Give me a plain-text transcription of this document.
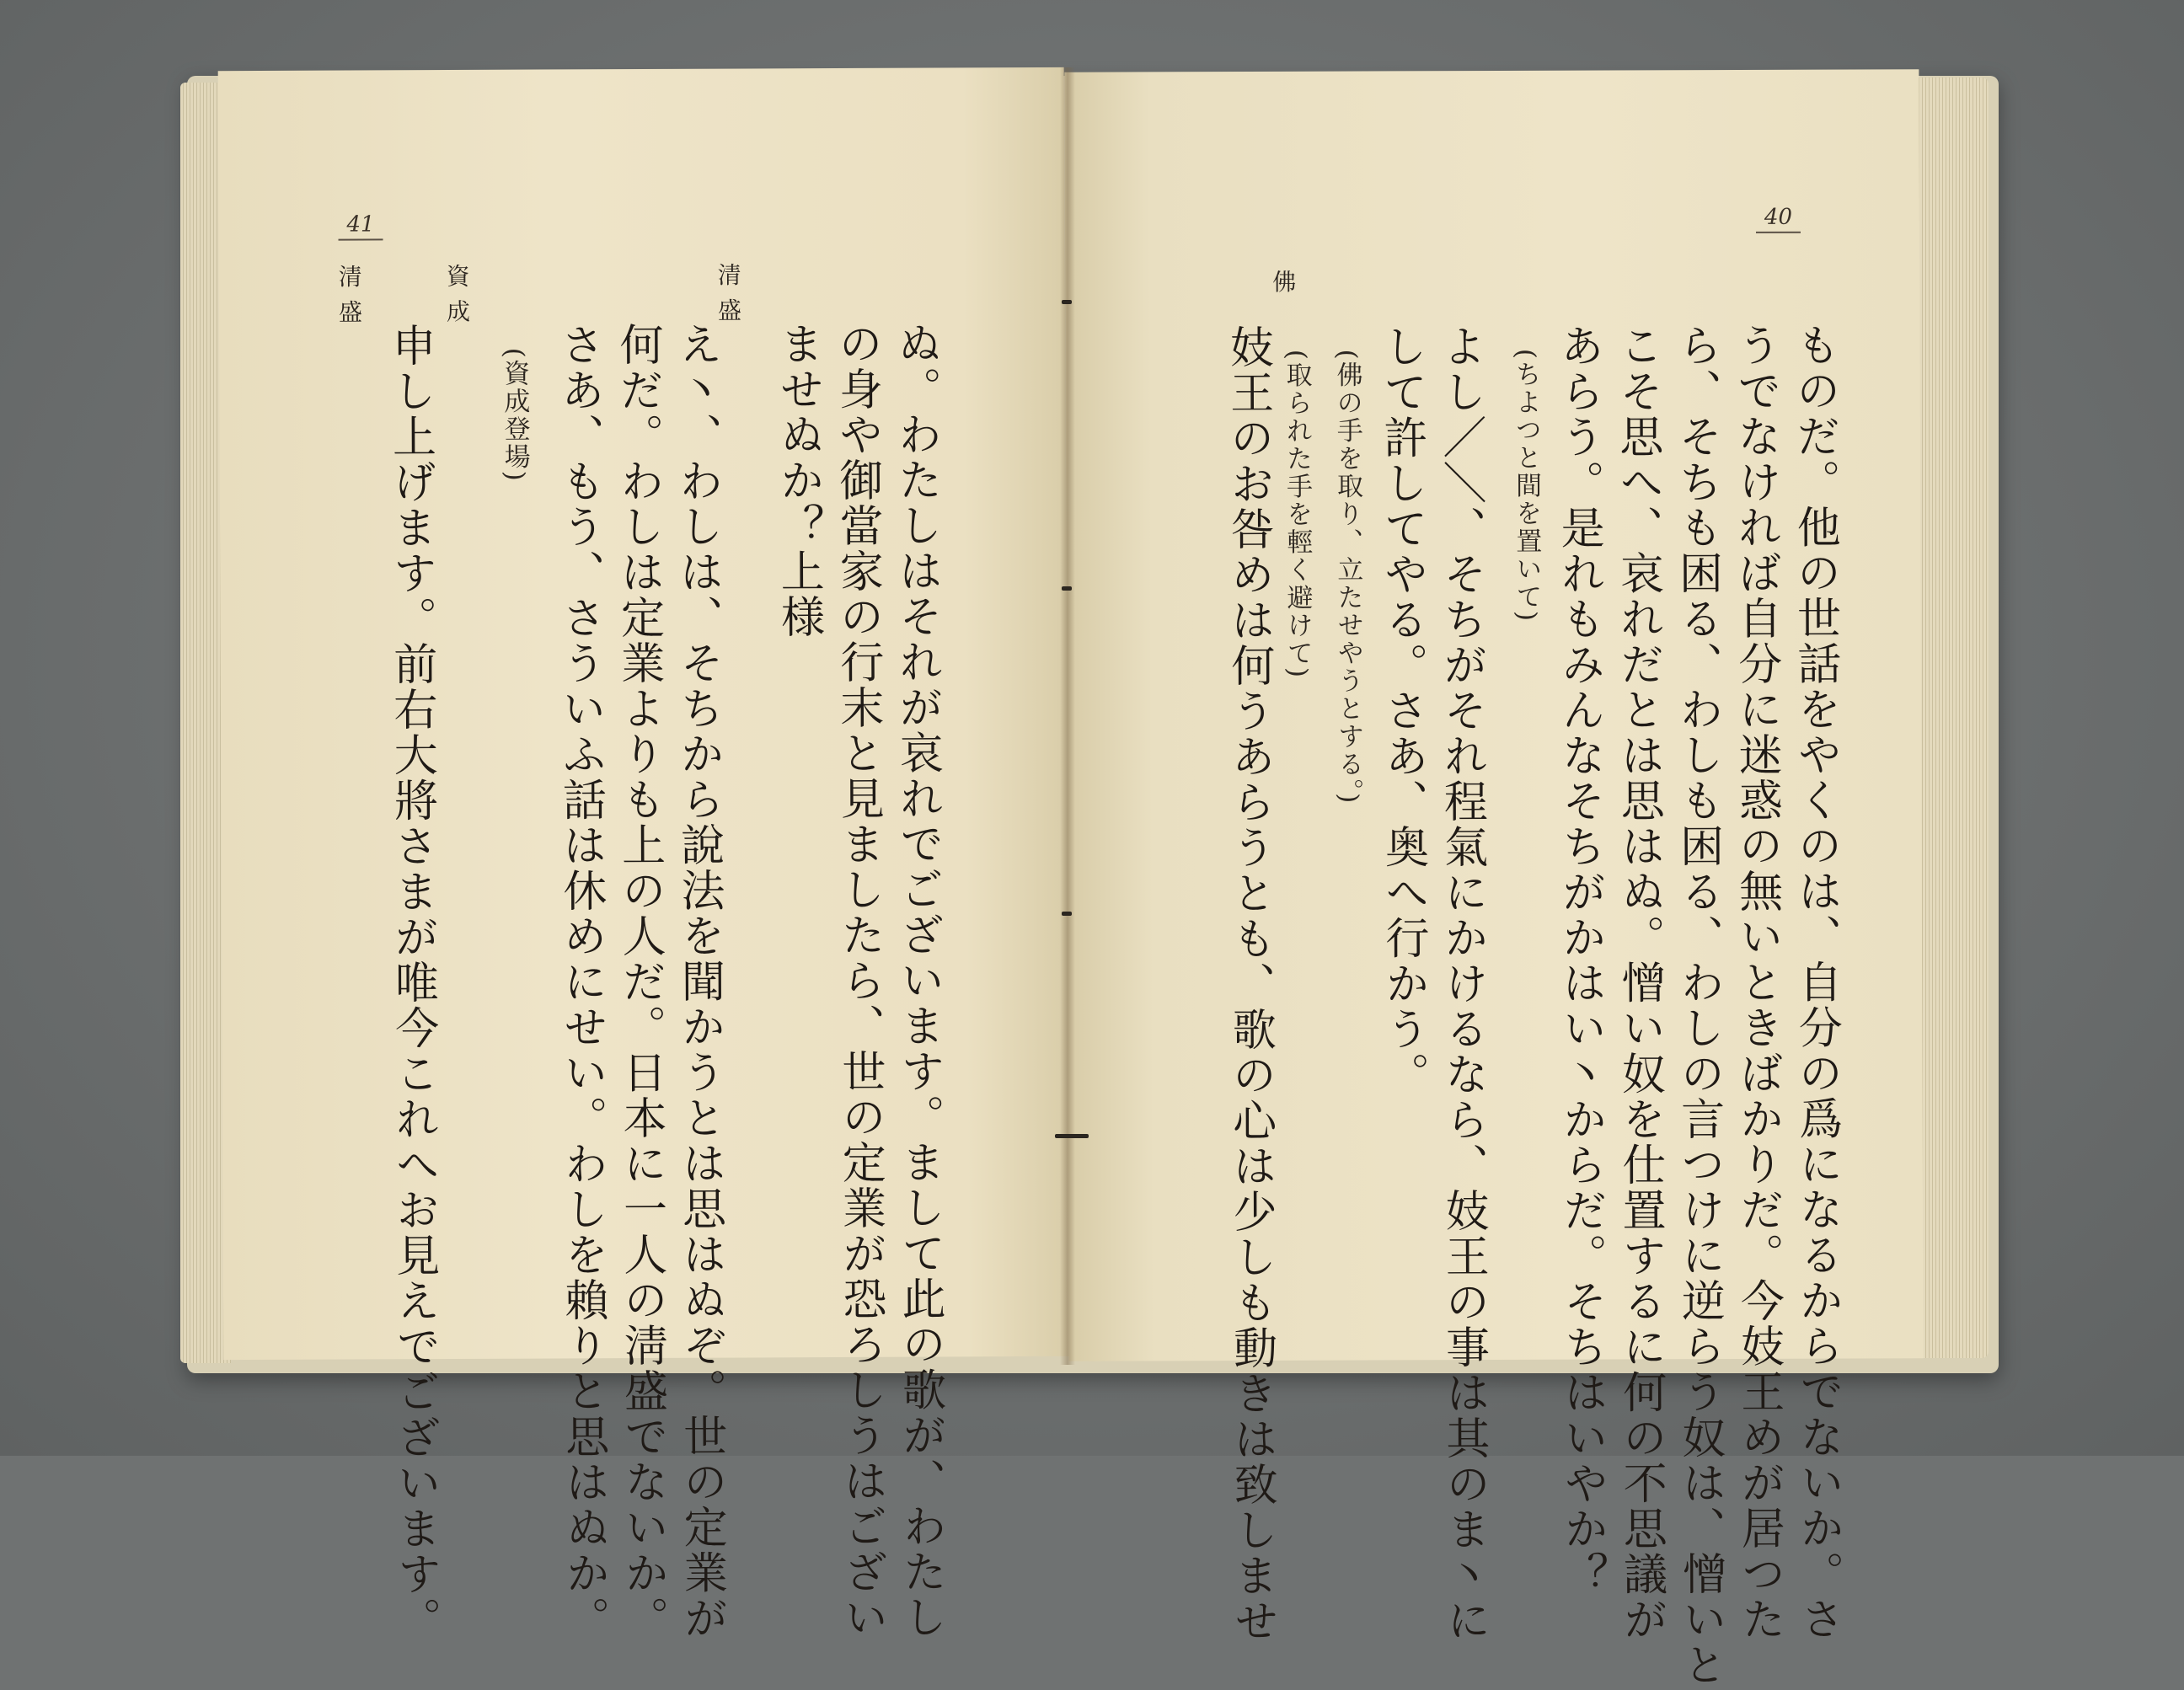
41
清盛	資成	清盛
申し上げます。前右大將さまが唯今これへお見えでございます。 (資成登場) さあ、もう、さういふ話は休めにせい。わしを賴りと思はぬか。 何だ。わしは定業よりも上の人だ。日本に一人の淸盛でないか。 え丶、わしは、そちから說法を聞かうとは思はぬぞ。世の定業が ませぬか？上様 の身や御當家の行末と見ましたら、世の定業が恐ろしうはござい ぬ。わたしはそれが哀れでございます。まして此の歌が、わたし
40
妓王のお咎めは何うあらうとも、歌の心は少しも動きは致しませ
佛
(取られた手を輕く避けて) (佛の手を取り、立たせやうとする。) して許してやる。さあ、奥へ行かう。 よし／＼、そちがそれ程氣にかけるなら、妓王の事は其のま丶に (ちよつと間を置いて) あらう。是れもみんなそちがかはい丶からだ。そちはいやか？ こそ思へ、哀れだとは思はぬ。憎い奴を仕置するに何の不思議が ら、そちも困る、わしも困る、わしの言つけに逆らう奴は、憎いと うでなければ自分に迷惑の無いときばかりだ。今妓王めが居つた ものだ。他の世話をやくのは、自分の爲になるからでないか。さ
